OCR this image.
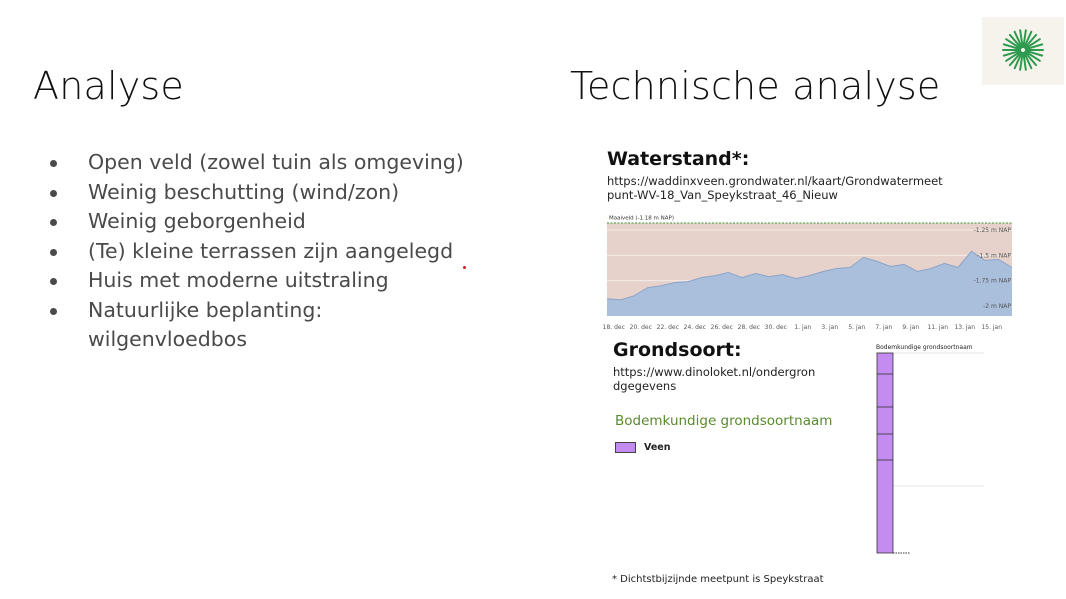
Analyse
Open veld (zowel tuin als omgeving)
Weinig beschutting (wind/zon)
Weinig geborgenheid
(Te) kleine terrassen zijn aangelegd
Huis met moderne uitstraling
Natuurlijke beplanting: wilgenvloedbos
Technische analyse
Waterstand*:
https://waddinxveen.grondwater.nl/kaart/Grondwatermeet
punt-WV-18_Van_Speykstraat_46_Nieuw
Maaiveld (-1.18 m NAP)
-1.25 m NAP
-1.5 m NAP
-1.75 m NAP
-2 m NAP
18. dec 20. dec 22. dec 24. dec 26. dec 28. dec 30. dec 1. jan 3. jan 5. jan 7. jan 9. jan 11. jan 13. jan 15. jan
Grondsoort:
https://www.dinoloket.nl/ondergron
dgegevens
Bodemkundige grondsoortnaam
Veen
Bodemkundige grondsoortnaam
* Dichtstbijzijnde meetpunt is Speykstraat
